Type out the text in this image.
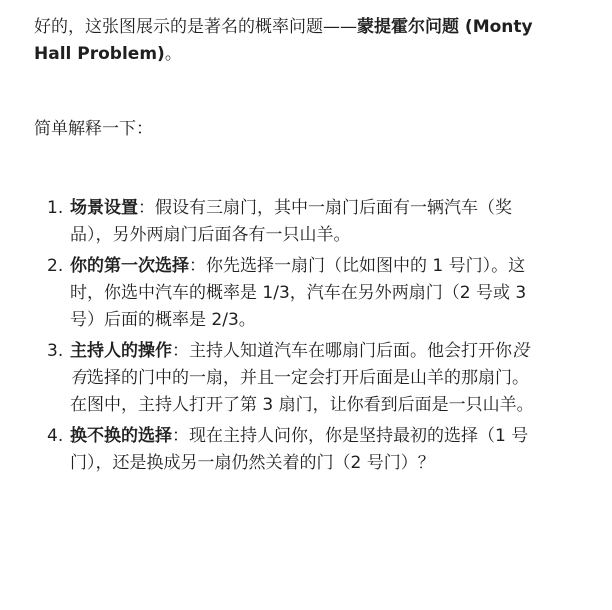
好的，这张图展示的是著名的概率问题——蒙提霍尔问题 (Monty Hall Problem)。

简单解释一下：

1. 场景设置：假设有三扇门，其中一扇门后面有一辆汽车（奖品），另外两扇门后面各有一只山羊。
2. 你的第一次选择：你先选择一扇门（比如图中的 1 号门）。这时，你选中汽车的概率是 1/3，汽车在另外两扇门（2 号或 3 号）后面的概率是 2/3。
3. 主持人的操作：主持人知道汽车在哪扇门后面。他会打开你没有选择的门中的一扇，并且一定会打开后面是山羊的那扇门。在图中，主持人打开了第 3 扇门，让你看到后面是一只山羊。
4. 换不换的选择：现在主持人问你，你是坚持最初的选择（1 号门），还是换成另一扇仍然关着的门（2 号门）？
